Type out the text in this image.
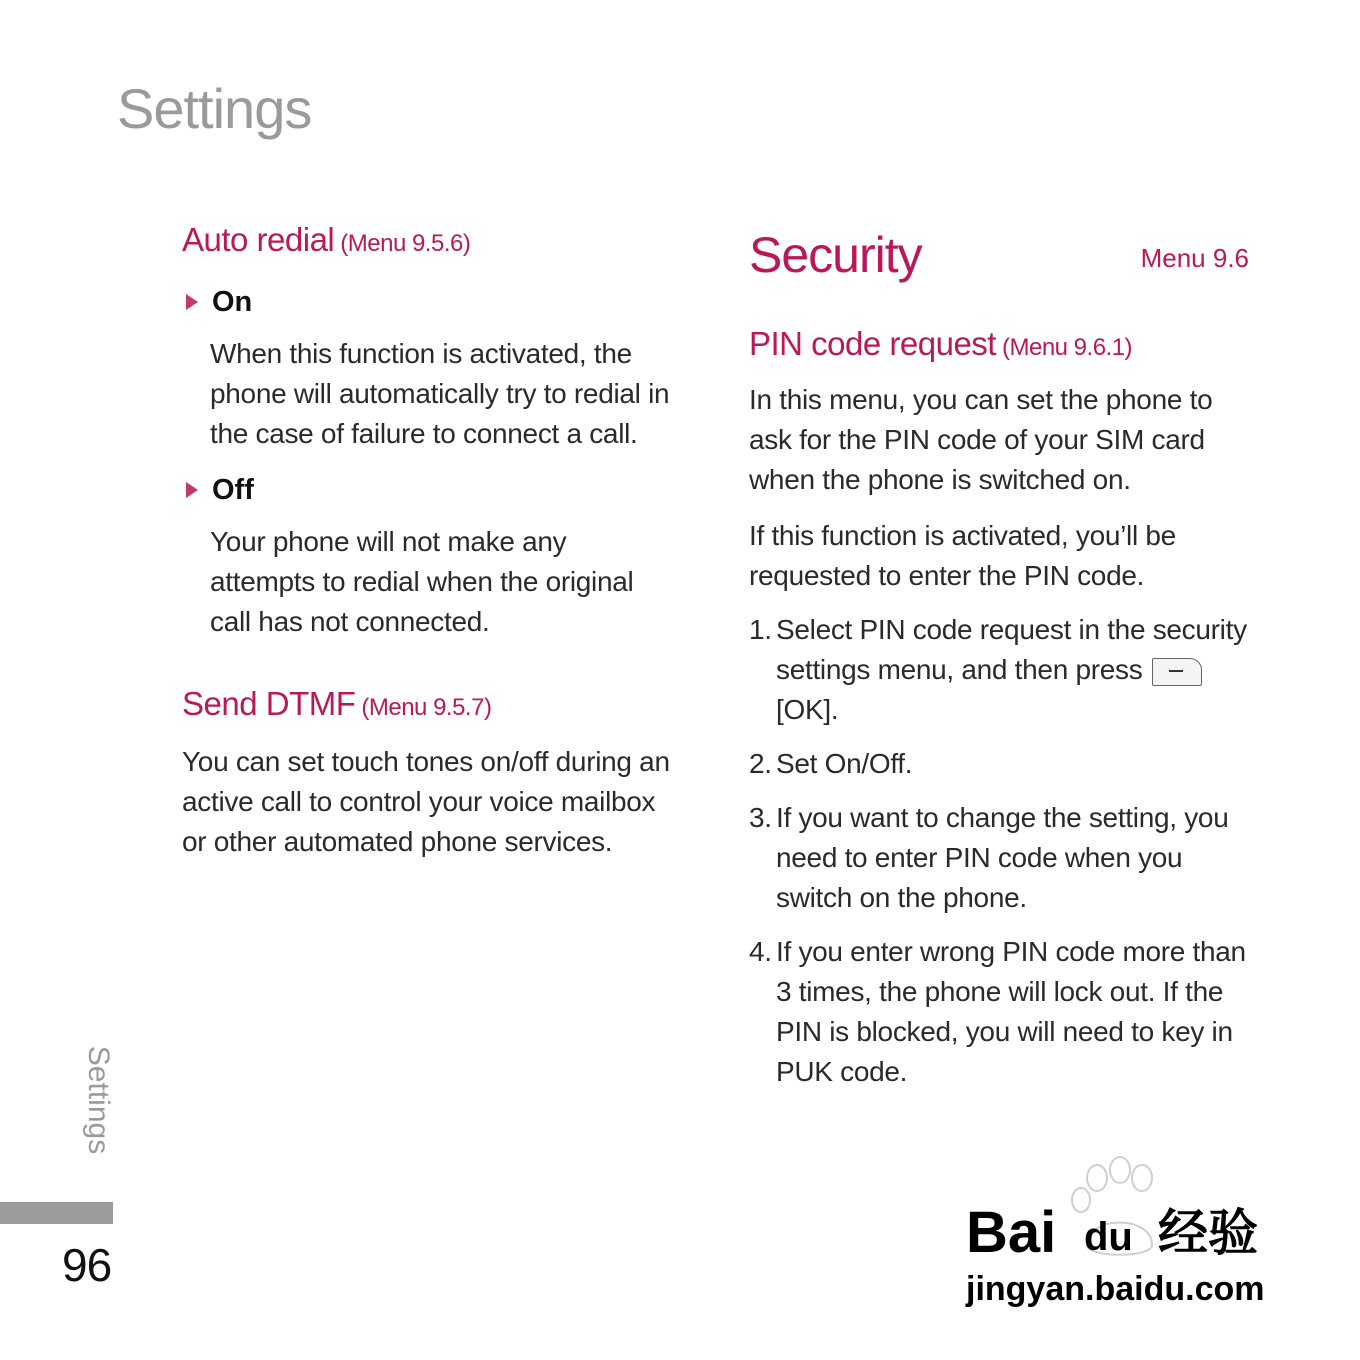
Settings
Auto redial (Menu 9.5.6)
On

When this function is activated, the phone will automatically try to redial in the case of failure to connect a call.

Off

Your phone will not make any attempts to redial when the original call has not connected.

Send DTMF (Menu 9.5.7)

You can set touch tones on/off during an active call to control your voice mailbox or other automated phone services.

Security	Menu 9.6
PIN code request (Menu 9.6.1)

In this menu, you can set the phone to ask for the PIN code of your SIM card when the phone is switched on.

If this function is activated, you’ll be requested to enter the PIN code.

1. Select PIN code request in the security settings menu, and then press
[OK].
2. Set On/Off.
3. If you want to change the setting, you need to enter PIN code when you switch on the phone.
4. If you enter wrong PIN code more than 3 times, the phone will lock out. If the PIN is blocked, you will need to key in PUK code.
Settings
96	Bai du 经验
jingyan.baidu.com
